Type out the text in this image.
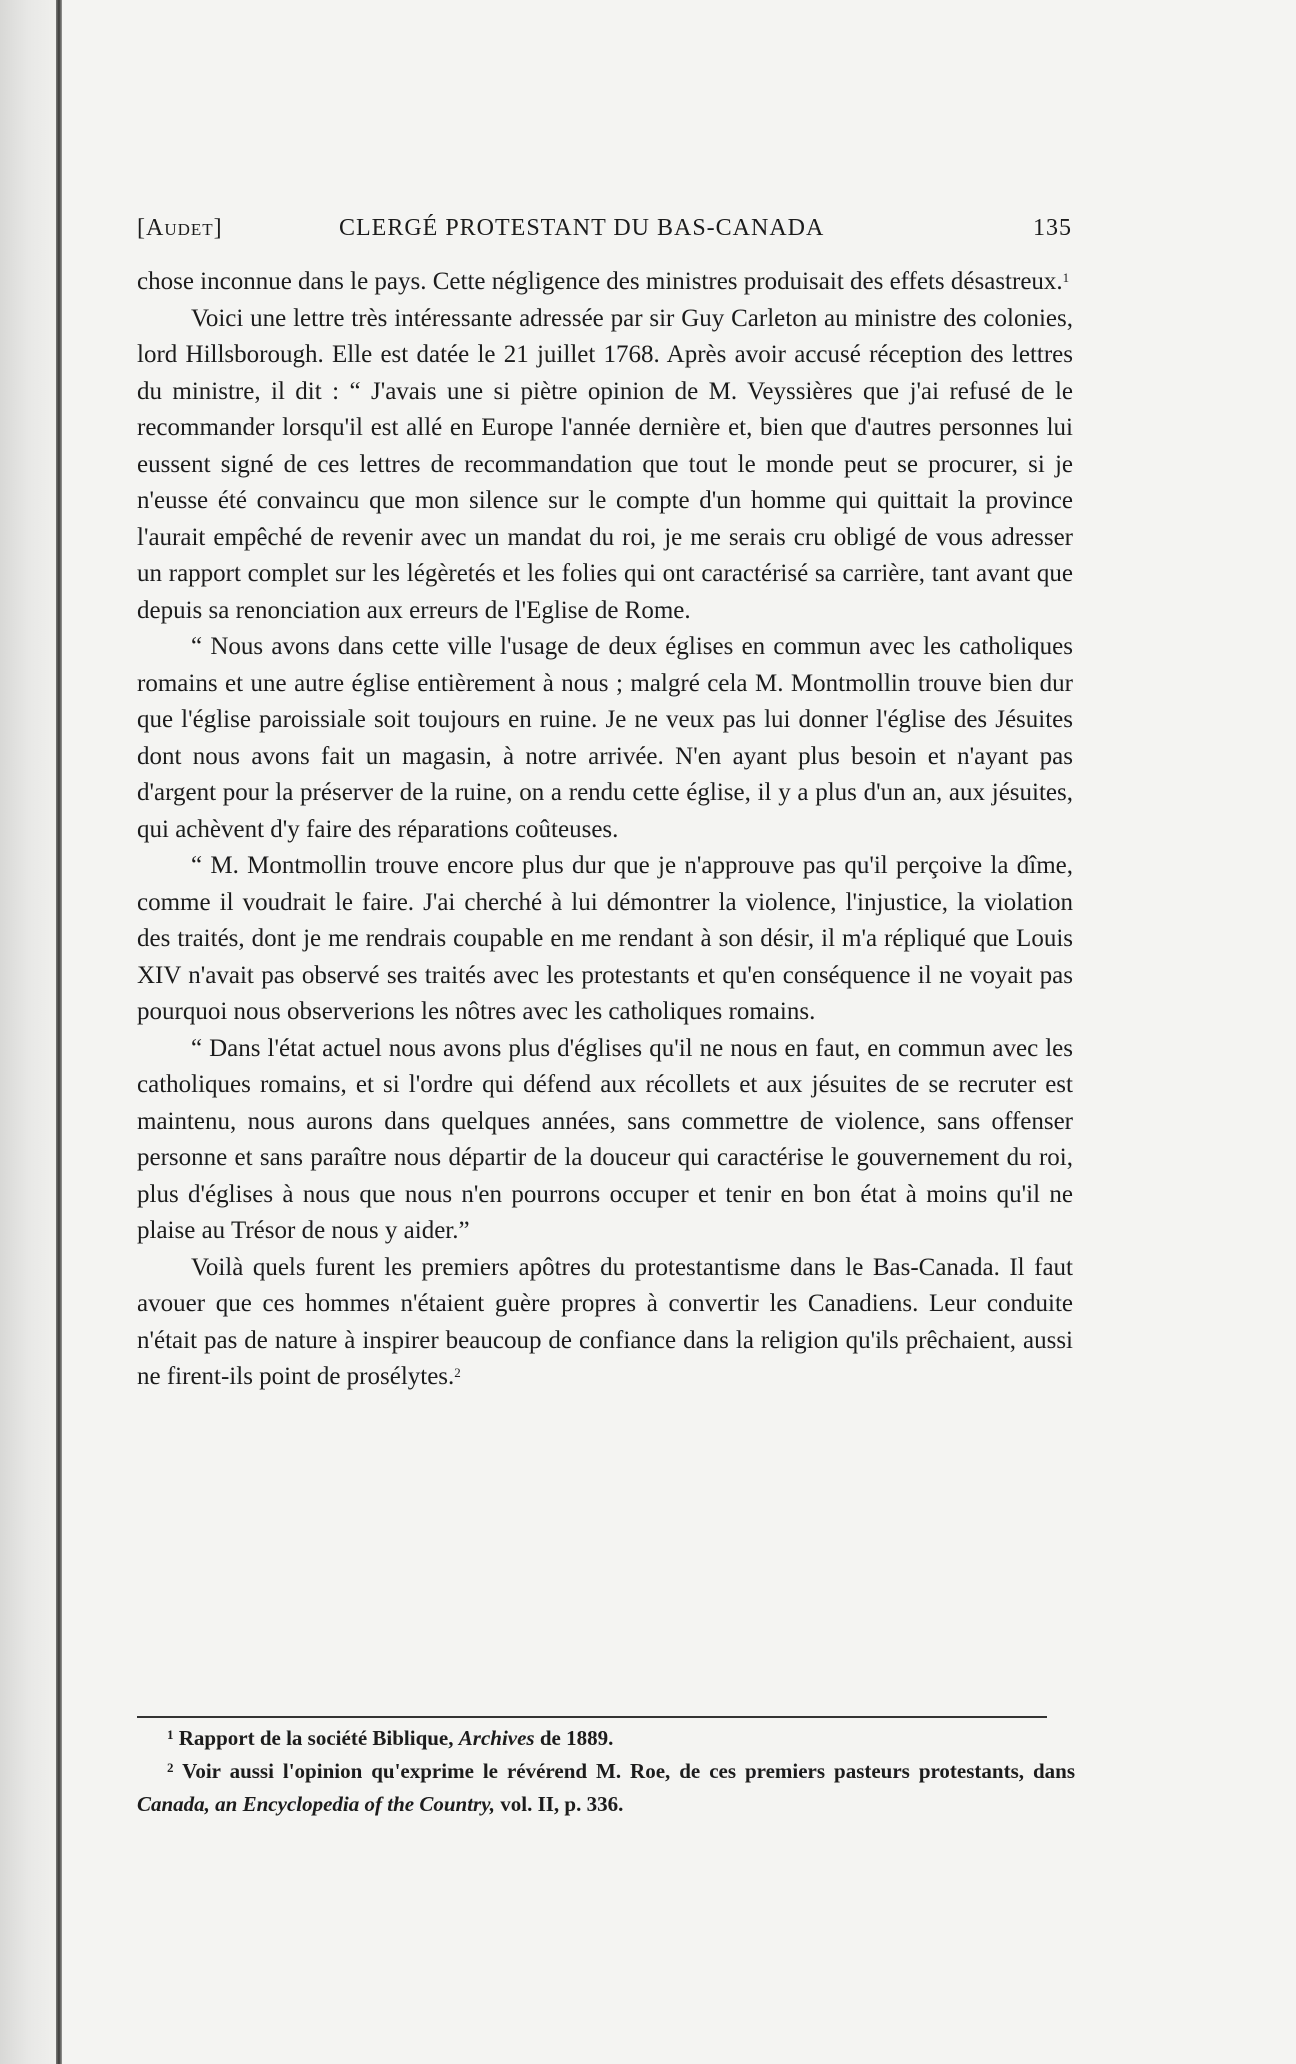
[Audet]	CLERGÉ PROTESTANT DU BAS-CANADA	135

chose inconnue dans le pays. Cette négligence des ministres produisait des effets désastreux.$^1$

Voici une lettre très intéressante adressée par sir Guy Carleton au ministre des colonies, lord Hillsborough. Elle est datée le 21 juillet 1768. Après avoir accusé réception des lettres du ministre, il dit : “ J'avais une si piètre opinion de M. Veyssières que j'ai refusé de le recommander lorsqu'il est allé en Europe l'année dernière et, bien que d'autres personnes lui eussent signé de ces lettres de recommandation que tout le monde peut se procurer, si je n'eusse été convaincu que mon silence sur le compte d'un homme qui quittait la province l'aurait empêché de revenir avec un mandat du roi, je me serais cru obligé de vous adresser un rapport complet sur les légèretés et les folies qui ont caractérisé sa carrière, tant avant que depuis sa renonciation aux erreurs de l'Eglise de Rome.

“ Nous avons dans cette ville l'usage de deux églises en commun avec les catholiques romains et une autre église entièrement à nous ; malgré cela M. Montmollin trouve bien dur que l'église paroissiale soit toujours en ruine. Je ne veux pas lui donner l'église des Jésuites dont nous avons fait un magasin, à notre arrivée. N'en ayant plus besoin et n'ayant pas d'argent pour la préserver de la ruine, on a rendu cette église, il y a plus d'un an, aux jésuites, qui achèvent d'y faire des réparations coûteuses.

“ M. Montmollin trouve encore plus dur que je n'approuve pas qu'il perçoive la dîme, comme il voudrait le faire. J'ai cherché à lui démontrer la violence, l'injustice, la violation des traités, dont je me rendrais coupable en me rendant à son désir, il m'a répliqué que Louis XIV n'avait pas observé ses traités avec les protestants et qu'en conséquence il ne voyait pas pourquoi nous observerions les nôtres avec les catholiques romains.

“ Dans l'état actuel nous avons plus d'églises qu'il ne nous en faut, en commun avec les catholiques romains, et si l'ordre qui défend aux récollets et aux jésuites de se recruter est maintenu, nous aurons dans quelques années, sans commettre de violence, sans offenser personne et sans paraître nous départir de la douceur qui caractérise le gouvernement du roi, plus d'églises à nous que nous n'en pourrons occuper et tenir en bon état à moins qu'il ne plaise au Trésor de nous y aider.”

Voilà quels furent les premiers apôtres du protestantisme dans le Bas-Canada. Il faut avouer que ces hommes n'étaient guère propres à convertir les Canadiens. Leur conduite n'était pas de nature à inspirer beaucoup de confiance dans la religion qu'ils prêchaient, aussi ne firent-ils point de prosélytes.$^2$

$^1$ Rapport de la société Biblique, Archives de 1889.

$^2$ Voir aussi l'opinion qu'exprime le révérend M. Roe, de ces premiers pasteurs protestants, dans Canada, an Encyclopedia of the Country, vol. II, p. 336.
